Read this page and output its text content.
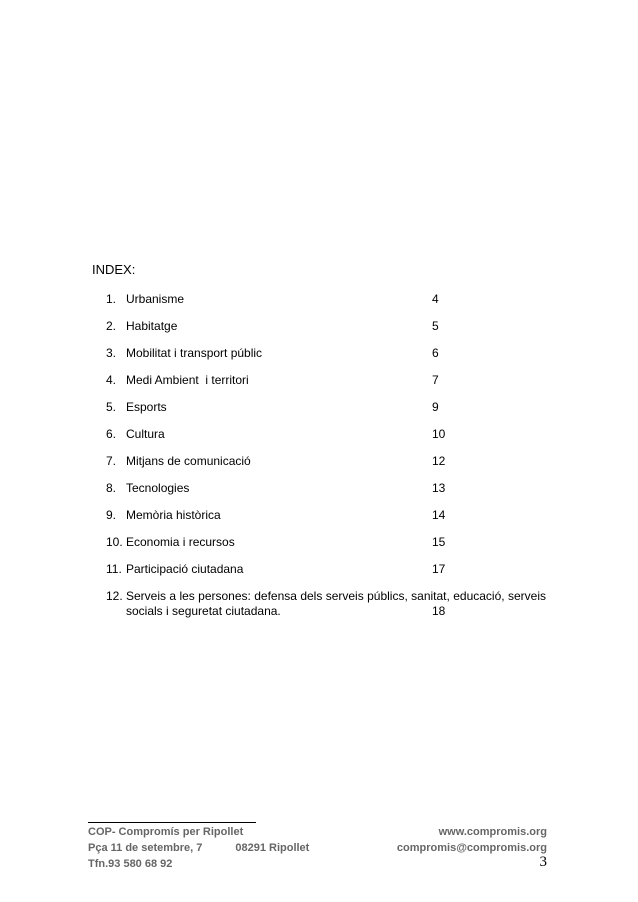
INDEX:
1. Urbanisme	4
2. Habitatge	5
3. Mobilitat i transport públic	6
4. Medi Ambient  i territori	7
5. Esports	9
6. Cultura	10
7. Mitjans de comunicació	12
8. Tecnologies	13
9. Memòria històrica	14
10. Economia i recursos	15
11. Participació ciutadana	17
12. Serveis a les persones: defensa dels serveis públics, sanitat, educació, serveis
socials i seguretat ciutadana.	18
COP- Compromís per Ripollet
Pça 11 de setembre, 7	08291 Ripollet
Tfn.93 580 68 92
www.compromis.org
compromis@compromis.org
3
